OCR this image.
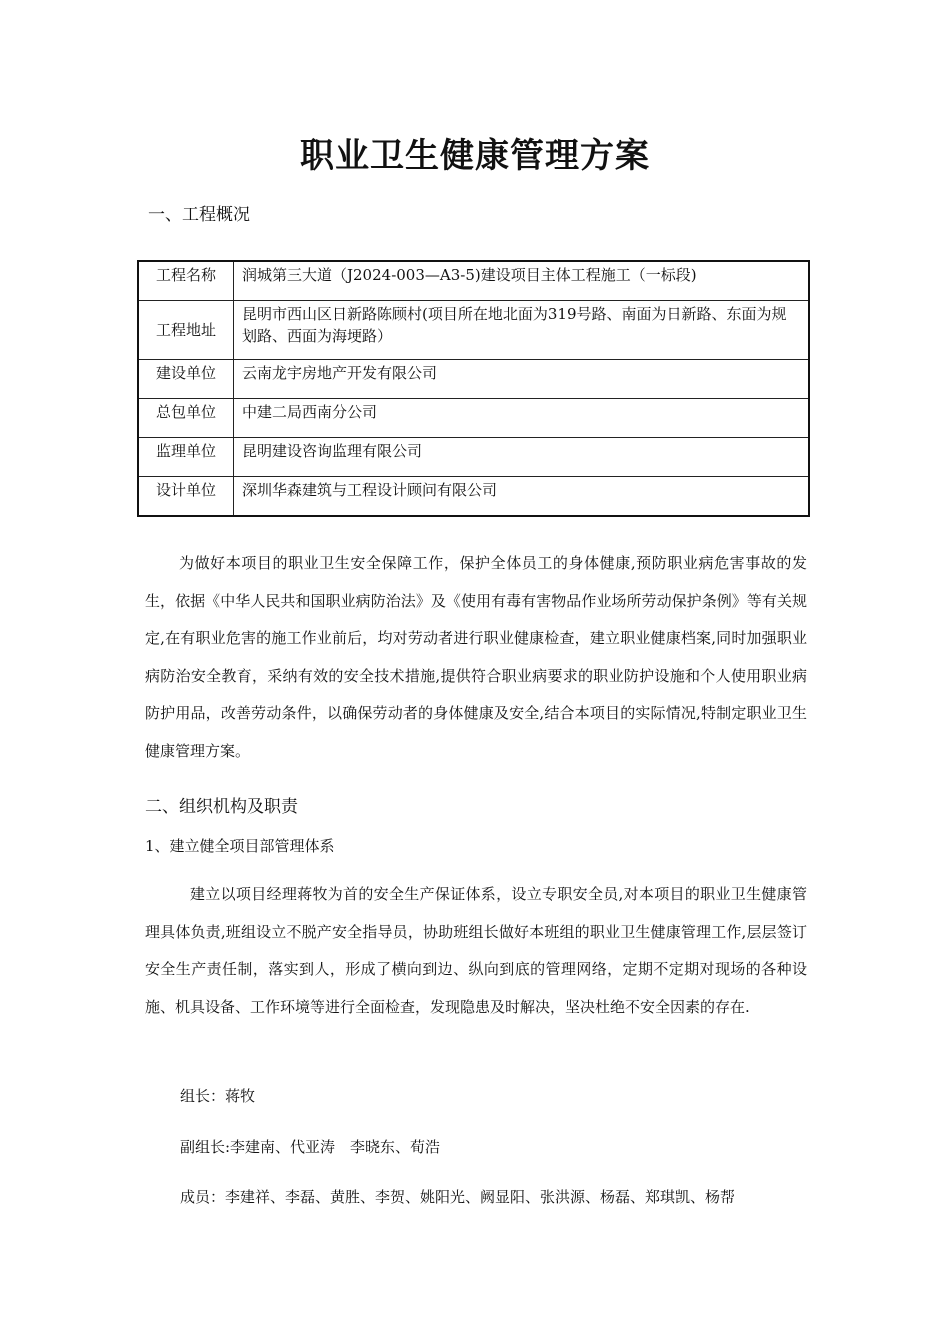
职业卫生健康管理方案
一、工程概况
工程名称	润城第三大道（J2024-003—A3-5)建设项目主体工程施工（一标段)
工程地址	昆明市西山区日新路陈顾村(项目所在地北面为319号路、南面为日新路、东面为规划路、西面为海埂路）
建设单位	云南龙宇房地产开发有限公司
总包单位	中建二局西南分公司
监理单位	昆明建设咨询监理有限公司
设计单位	深圳华森建筑与工程设计顾问有限公司
为做好本项目的职业卫生安全保障工作，保护全体员工的身体健康,预防职业病危害事故的发生，依据《中华人民共和国职业病防治法》及《使用有毒有害物品作业场所劳动保护条例》等有关规定,在有职业危害的施工作业前后，均对劳动者进行职业健康检查，建立职业健康档案,同时加强职业病防治安全教育，采纳有效的安全技术措施,提供符合职业病要求的职业防护设施和个人使用职业病防护用品，改善劳动条件，以确保劳动者的身体健康及安全,结合本项目的实际情况,特制定职业卫生健康管理方案。
二、组织机构及职责
1、建立健全项目部管理体系
建立以项目经理蒋牧为首的安全生产保证体系，设立专职安全员,对本项目的职业卫生健康管理具体负责,班组设立不脱产安全指导员，协助班组长做好本班组的职业卫生健康管理工作,层层签订安全生产责任制，落实到人，形成了横向到边、纵向到底的管理网络，定期不定期对现场的各种设施、机具设备、工作环境等进行全面检查，发现隐患及时解决，坚决杜绝不安全因素的存在.
组长：蒋牧
副组长:李建南、代亚涛　李晓东、荀浩
成员：李建祥、李磊、黄胜、李贺、姚阳光、阙显阳、张洪源、杨磊、郑琪凯、杨帮
